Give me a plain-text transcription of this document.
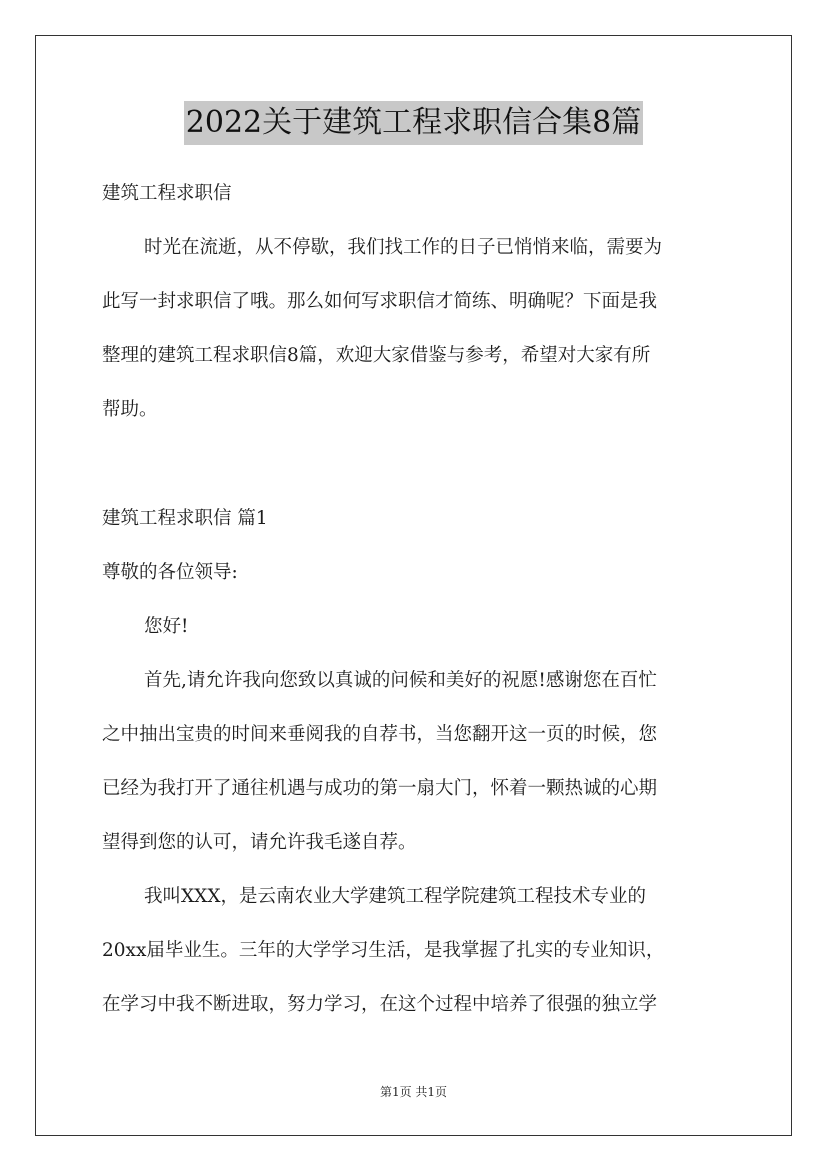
2022关于建筑工程求职信合集8篇
建筑工程求职信
时光在流逝，从不停歇，我们找工作的日子已悄悄来临，需要为
此写一封求职信了哦。那么如何写求职信才简练、明确呢？下面是我
整理的建筑工程求职信8篇，欢迎大家借鉴与参考，希望对大家有所
帮助。
建筑工程求职信 篇1
尊敬的各位领导:
您好!
首先,请允许我向您致以真诚的问候和美好的祝愿!感谢您在百忙
之中抽出宝贵的时间来垂阅我的自荐书，当您翻开这一页的时候，您
已经为我打开了通往机遇与成功的第一扇大门，怀着一颗热诚的心期
望得到您的认可，请允许我毛遂自荐。
我叫XXX，是云南农业大学建筑工程学院建筑工程技术专业的
20xx届毕业生。三年的大学学习生活，是我掌握了扎实的专业知识，
在学习中我不断进取，努力学习，在这个过程中培养了很强的独立学
第1页 共1页
